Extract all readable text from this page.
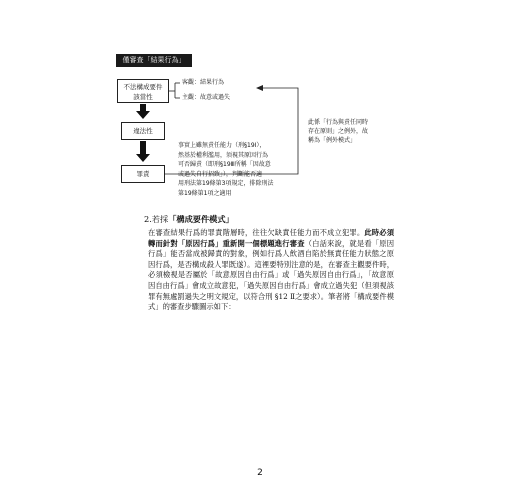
僅審查「結果行為」
不法構成要件
該當性
客觀：結果行為
主觀：故意或過失
違法性
罪責
事實上雖無責任能力（刑§19Ⅰ），
然基於權利濫用，須視其原因行為
可否歸責（即刑§19Ⅲ所稱「因故意
或過失自行招致」），判斷能否適
用刑法第19條第3項規定，排除刑法
第19條第1項之適用
此係「行為與責任同時
存在原則」之例外，故
稱為「例外模式」
2.若採「構成要件模式」
在審查結果行爲的罪責階層時，往往欠缺責任能力而不成立犯罪。此時必須轉而針對「原因行爲」重新開一個標題進行審查（白話來說，就是看「原因行爲」能否當成被歸責的對象，例如行爲人飲酒自陷於無責任能力狀態之原因行爲，是否構成殺人罪既遂）。這裡要特別注意的是，在審查主觀要件時，必須檢視是否屬於「故意原因自由行爲」或「過失原因自由行爲」，「故意原因自由行爲」會成立故意犯，「過失原因自由行爲」會成立過失犯（但須視該罪有無處罰過失之明文規定，以符合刑 §12 Ⅱ之要求）。筆者將「構成要件模式」的審查步驟圖示如下：
2
